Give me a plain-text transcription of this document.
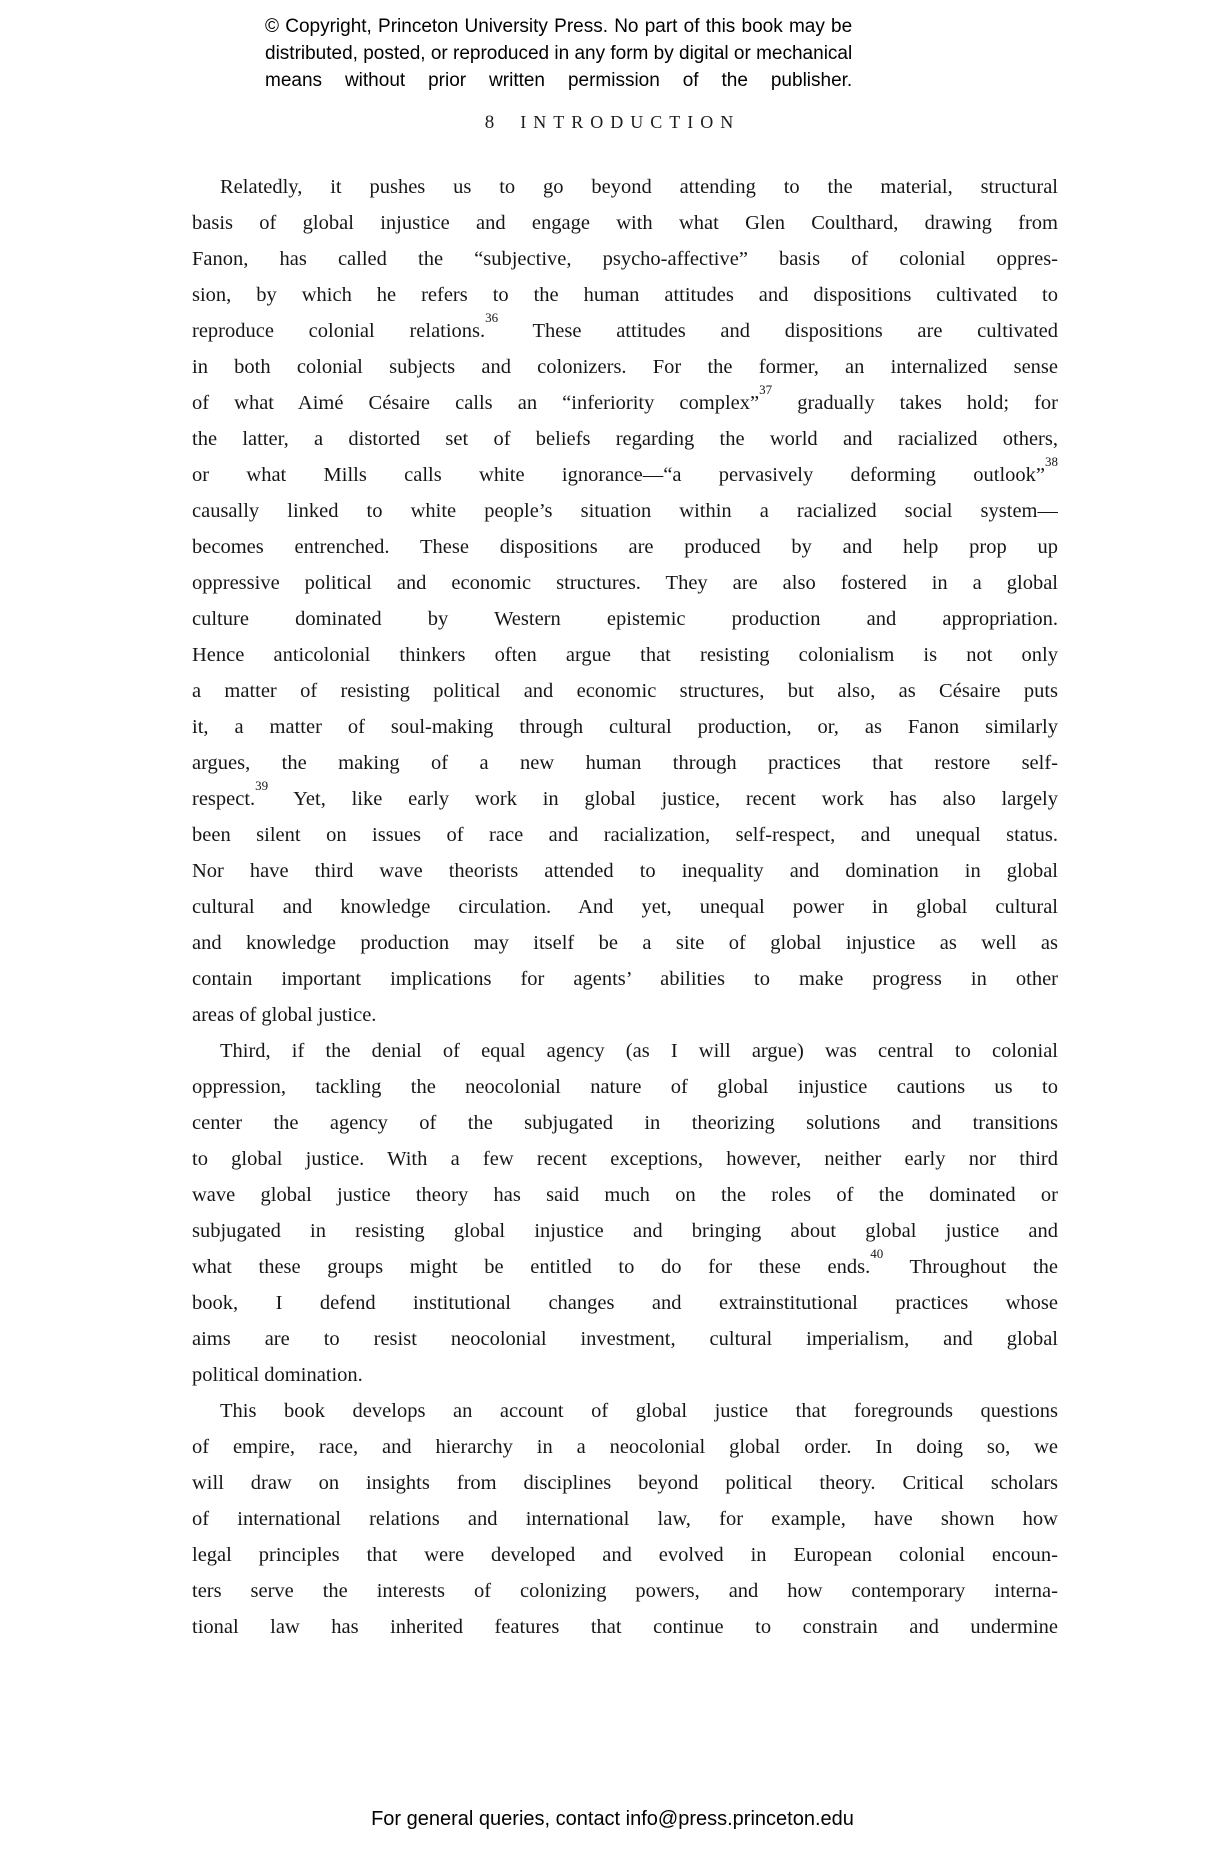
© Copyright, Princeton University Press. No part of this book may be
distributed, posted, or reproduced in any form by digital or mechanical
means without prior written permission of the publisher.
8 INTRODUCTION
Relatedly, it pushes us to go beyond attending to the material, structural
basis of global injustice and engage with what Glen Coulthard, drawing from
Fanon, has called the “subjective, psycho-affective” basis of colonial oppres-
sion, by which he refers to the human attitudes and dispositions cultivated to
reproduce colonial relations.$^{36}$ These attitudes and dispositions are cultivated
in both colonial subjects and colonizers. For the former, an internalized sense
of what Aimé Césaire calls an “inferiority complex”$^{37}$ gradually takes hold; for
the latter, a distorted set of beliefs regarding the world and racialized others,
or what Mills calls white ignorance—“a pervasively deforming outlook”$^{38}$
causally linked to white people’s situation within a racialized social system—
becomes entrenched. These dispositions are produced by and help prop up
oppressive political and economic structures. They are also fostered in a global
culture dominated by Western epistemic production and appropriation.
Hence anticolonial thinkers often argue that resisting colonialism is not only
a matter of resisting political and economic structures, but also, as Césaire puts
it, a matter of soul-making through cultural production, or, as Fanon similarly
argues, the making of a new human through practices that restore self-
respect.$^{39}$ Yet, like early work in global justice, recent work has also largely
been silent on issues of race and racialization, self-respect, and unequal status.
Nor have third wave theorists attended to inequality and domination in global
cultural and knowledge circulation. And yet, unequal power in global cultural
and knowledge production may itself be a site of global injustice as well as
contain important implications for agents’ abilities to make progress in other
areas of global justice.
Third, if the denial of equal agency (as I will argue) was central to colonial
oppression, tackling the neocolonial nature of global injustice cautions us to
center the agency of the subjugated in theorizing solutions and transitions
to global justice. With a few recent exceptions, however, neither early nor third
wave global justice theory has said much on the roles of the dominated or
subjugated in resisting global injustice and bringing about global justice and
what these groups might be entitled to do for these ends.$^{40}$ Throughout the
book, I defend institutional changes and extrainstitutional practices whose
aims are to resist neocolonial investment, cultural imperialism, and global
political domination.
This book develops an account of global justice that foregrounds questions
of empire, race, and hierarchy in a neocolonial global order. In doing so, we
will draw on insights from disciplines beyond political theory. Critical scholars
of international relations and international law, for example, have shown how
legal principles that were developed and evolved in European colonial encoun-
ters serve the interests of colonizing powers, and how contemporary interna-
tional law has inherited features that continue to constrain and undermine
For general queries, contact info@press.princeton.edu
